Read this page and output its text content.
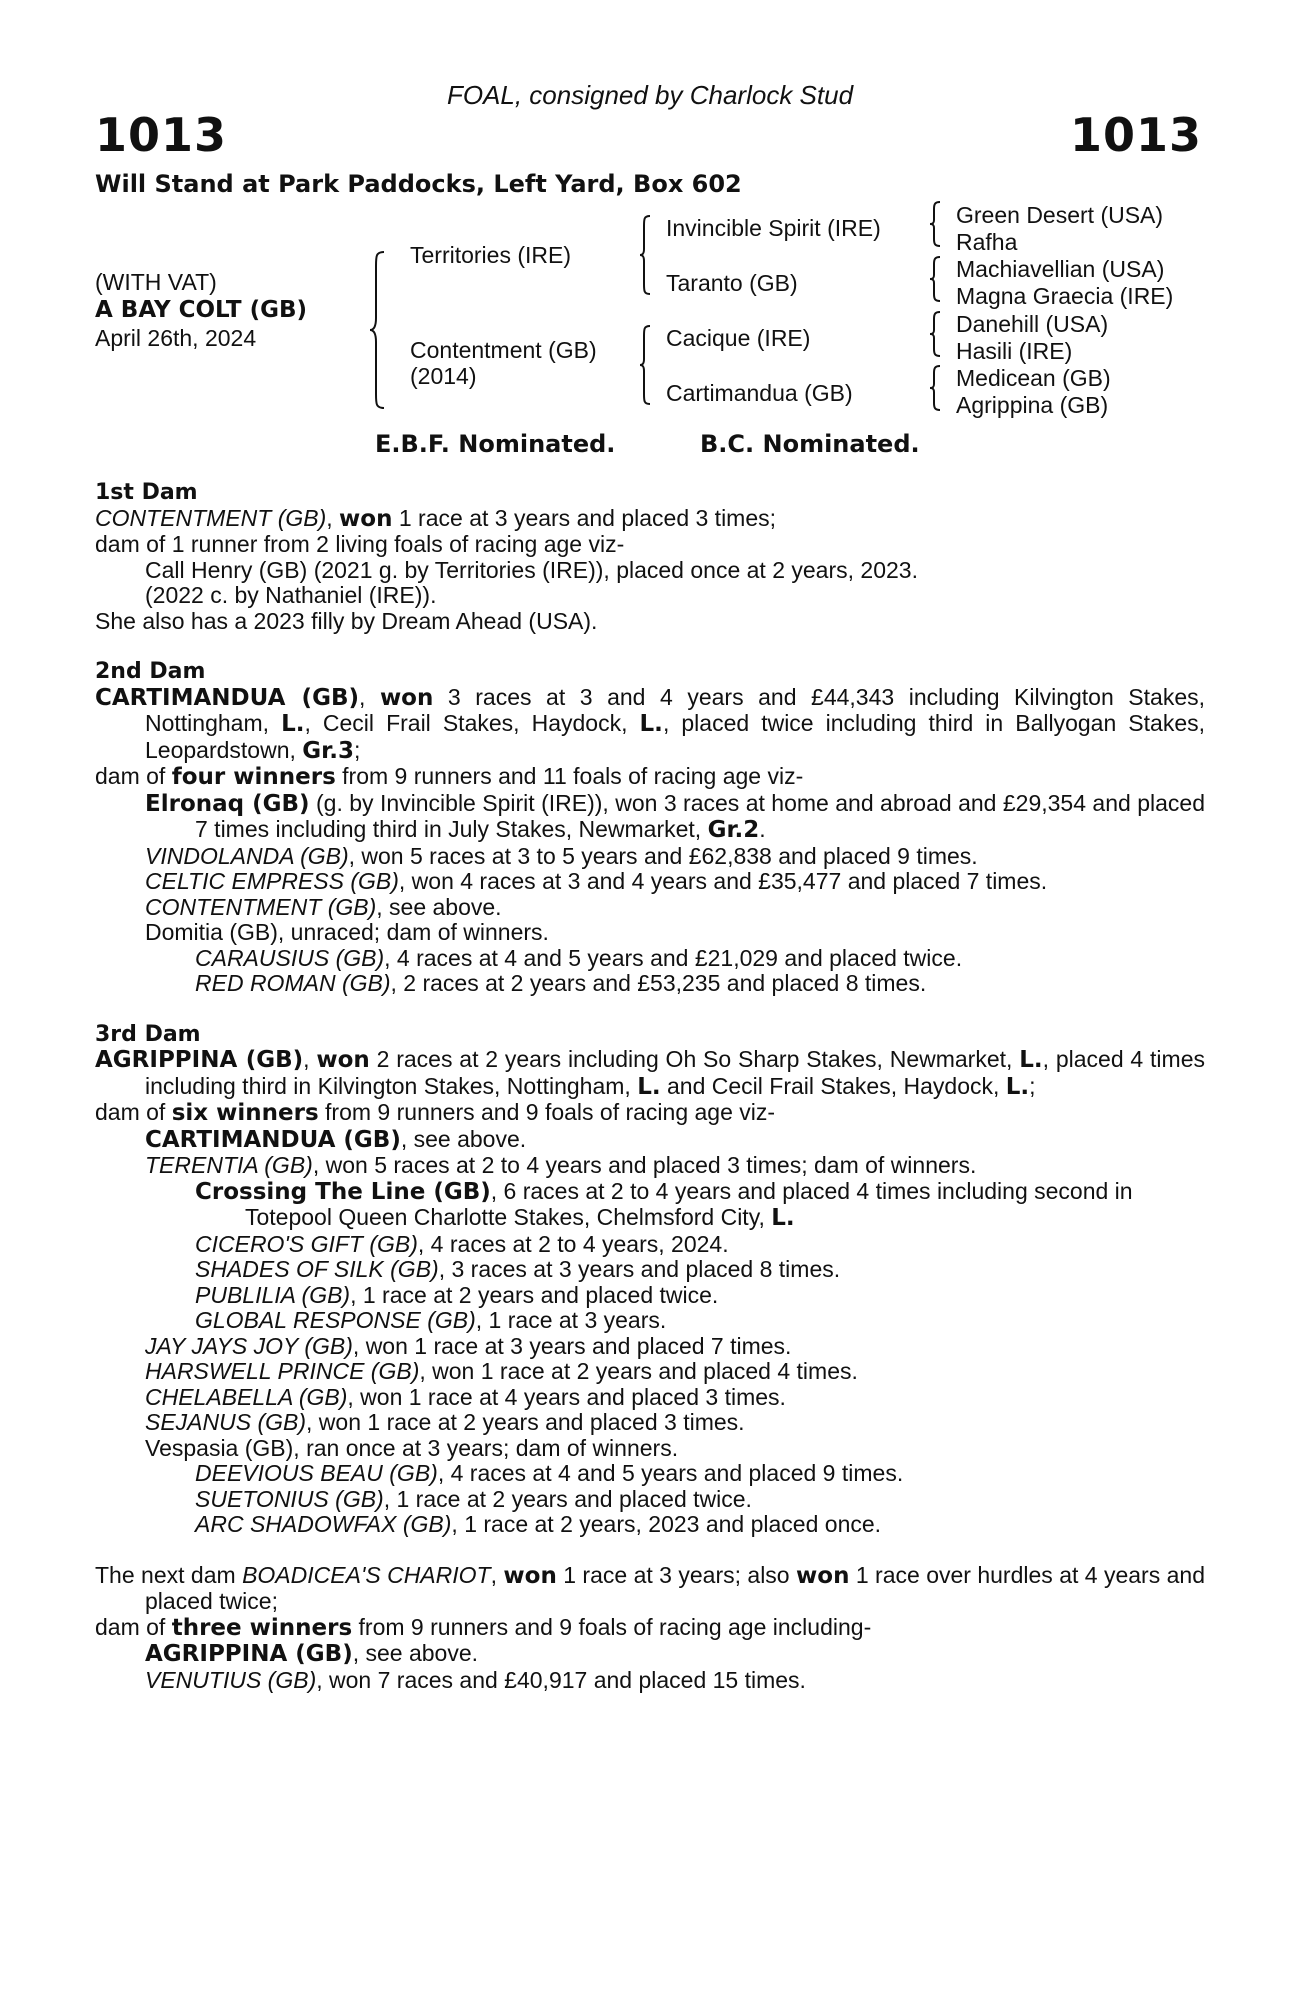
FOAL, consigned by Charlock Stud
1013	1013
Will Stand at Park Paddocks, Left Yard, Box 602
(WITH VAT)
A BAY COLT (GB)
April 26th, 2024
Territories (IRE)
Contentment (GB)
(2014)
Invincible Spirit (IRE)
Taranto (GB)
Cacique (IRE)
Cartimandua (GB)
Green Desert (USA)
Rafha
Machiavellian (USA)
Magna Graecia (IRE)
Danehill (USA)
Hasili (IRE)
Medicean (GB)
Agrippina (GB)
E.B.F. Nominated.	B.C. Nominated.

1st Dam

CONTENTMENT (GB), won 1 race at 3 years and placed 3 times;

dam of 1 runner from 2 living foals of racing age viz-

Call Henry (GB) (2021 g. by Territories (IRE)), placed once at 2 years, 2023.

(2022 c. by Nathaniel (IRE)).

She also has a 2023 filly by Dream Ahead (USA).

2nd Dam

CARTIMANDUA (GB), won 3 races at 3 and 4 years and £44,343 including Kilvington Stakes, Nottingham, L., Cecil Frail Stakes, Haydock, L., placed twice including third in Ballyogan Stakes, Leopardstown, Gr.3;

dam of four winners from 9 runners and 11 foals of racing age viz-

Elronaq (GB) (g. by Invincible Spirit (IRE)), won 3 races at home and abroad and £29,354 and placed 7 times including third in July Stakes, Newmarket, Gr.2.

VINDOLANDA (GB), won 5 races at 3 to 5 years and £62,838 and placed 9 times.

CELTIC EMPRESS (GB), won 4 races at 3 and 4 years and £35,477 and placed 7 times.

CONTENTMENT (GB), see above.

Domitia (GB), unraced; dam of winners.

CARAUSIUS (GB), 4 races at 4 and 5 years and £21,029 and placed twice.

RED ROMAN (GB), 2 races at 2 years and £53,235 and placed 8 times.

3rd Dam

AGRIPPINA (GB), won 2 races at 2 years including Oh So Sharp Stakes, Newmarket, L., placed 4 times including third in Kilvington Stakes, Nottingham, L. and Cecil Frail Stakes, Haydock, L.;

dam of six winners from 9 runners and 9 foals of racing age viz-

CARTIMANDUA (GB), see above.

TERENTIA (GB), won 5 races at 2 to 4 years and placed 3 times; dam of winners.

Crossing The Line (GB), 6 races at 2 to 4 years and placed 4 times including second in Totepool Queen Charlotte Stakes, Chelmsford City, L.

CICERO'S GIFT (GB), 4 races at 2 to 4 years, 2024.

SHADES OF SILK (GB), 3 races at 3 years and placed 8 times.

PUBLILIA (GB), 1 race at 2 years and placed twice.

GLOBAL RESPONSE (GB), 1 race at 3 years.

JAY JAYS JOY (GB), won 1 race at 3 years and placed 7 times.

HARSWELL PRINCE (GB), won 1 race at 2 years and placed 4 times.

CHELABELLA (GB), won 1 race at 4 years and placed 3 times.

SEJANUS (GB), won 1 race at 2 years and placed 3 times.

Vespasia (GB), ran once at 3 years; dam of winners.

DEEVIOUS BEAU (GB), 4 races at 4 and 5 years and placed 9 times.

SUETONIUS (GB), 1 race at 2 years and placed twice.

ARC SHADOWFAX (GB), 1 race at 2 years, 2023 and placed once.

The next dam BOADICEA'S CHARIOT, won 1 race at 3 years; also won 1 race over hurdles at 4 years and placed twice;

dam of three winners from 9 runners and 9 foals of racing age including-

AGRIPPINA (GB), see above.

VENUTIUS (GB), won 7 races and £40,917 and placed 15 times.
